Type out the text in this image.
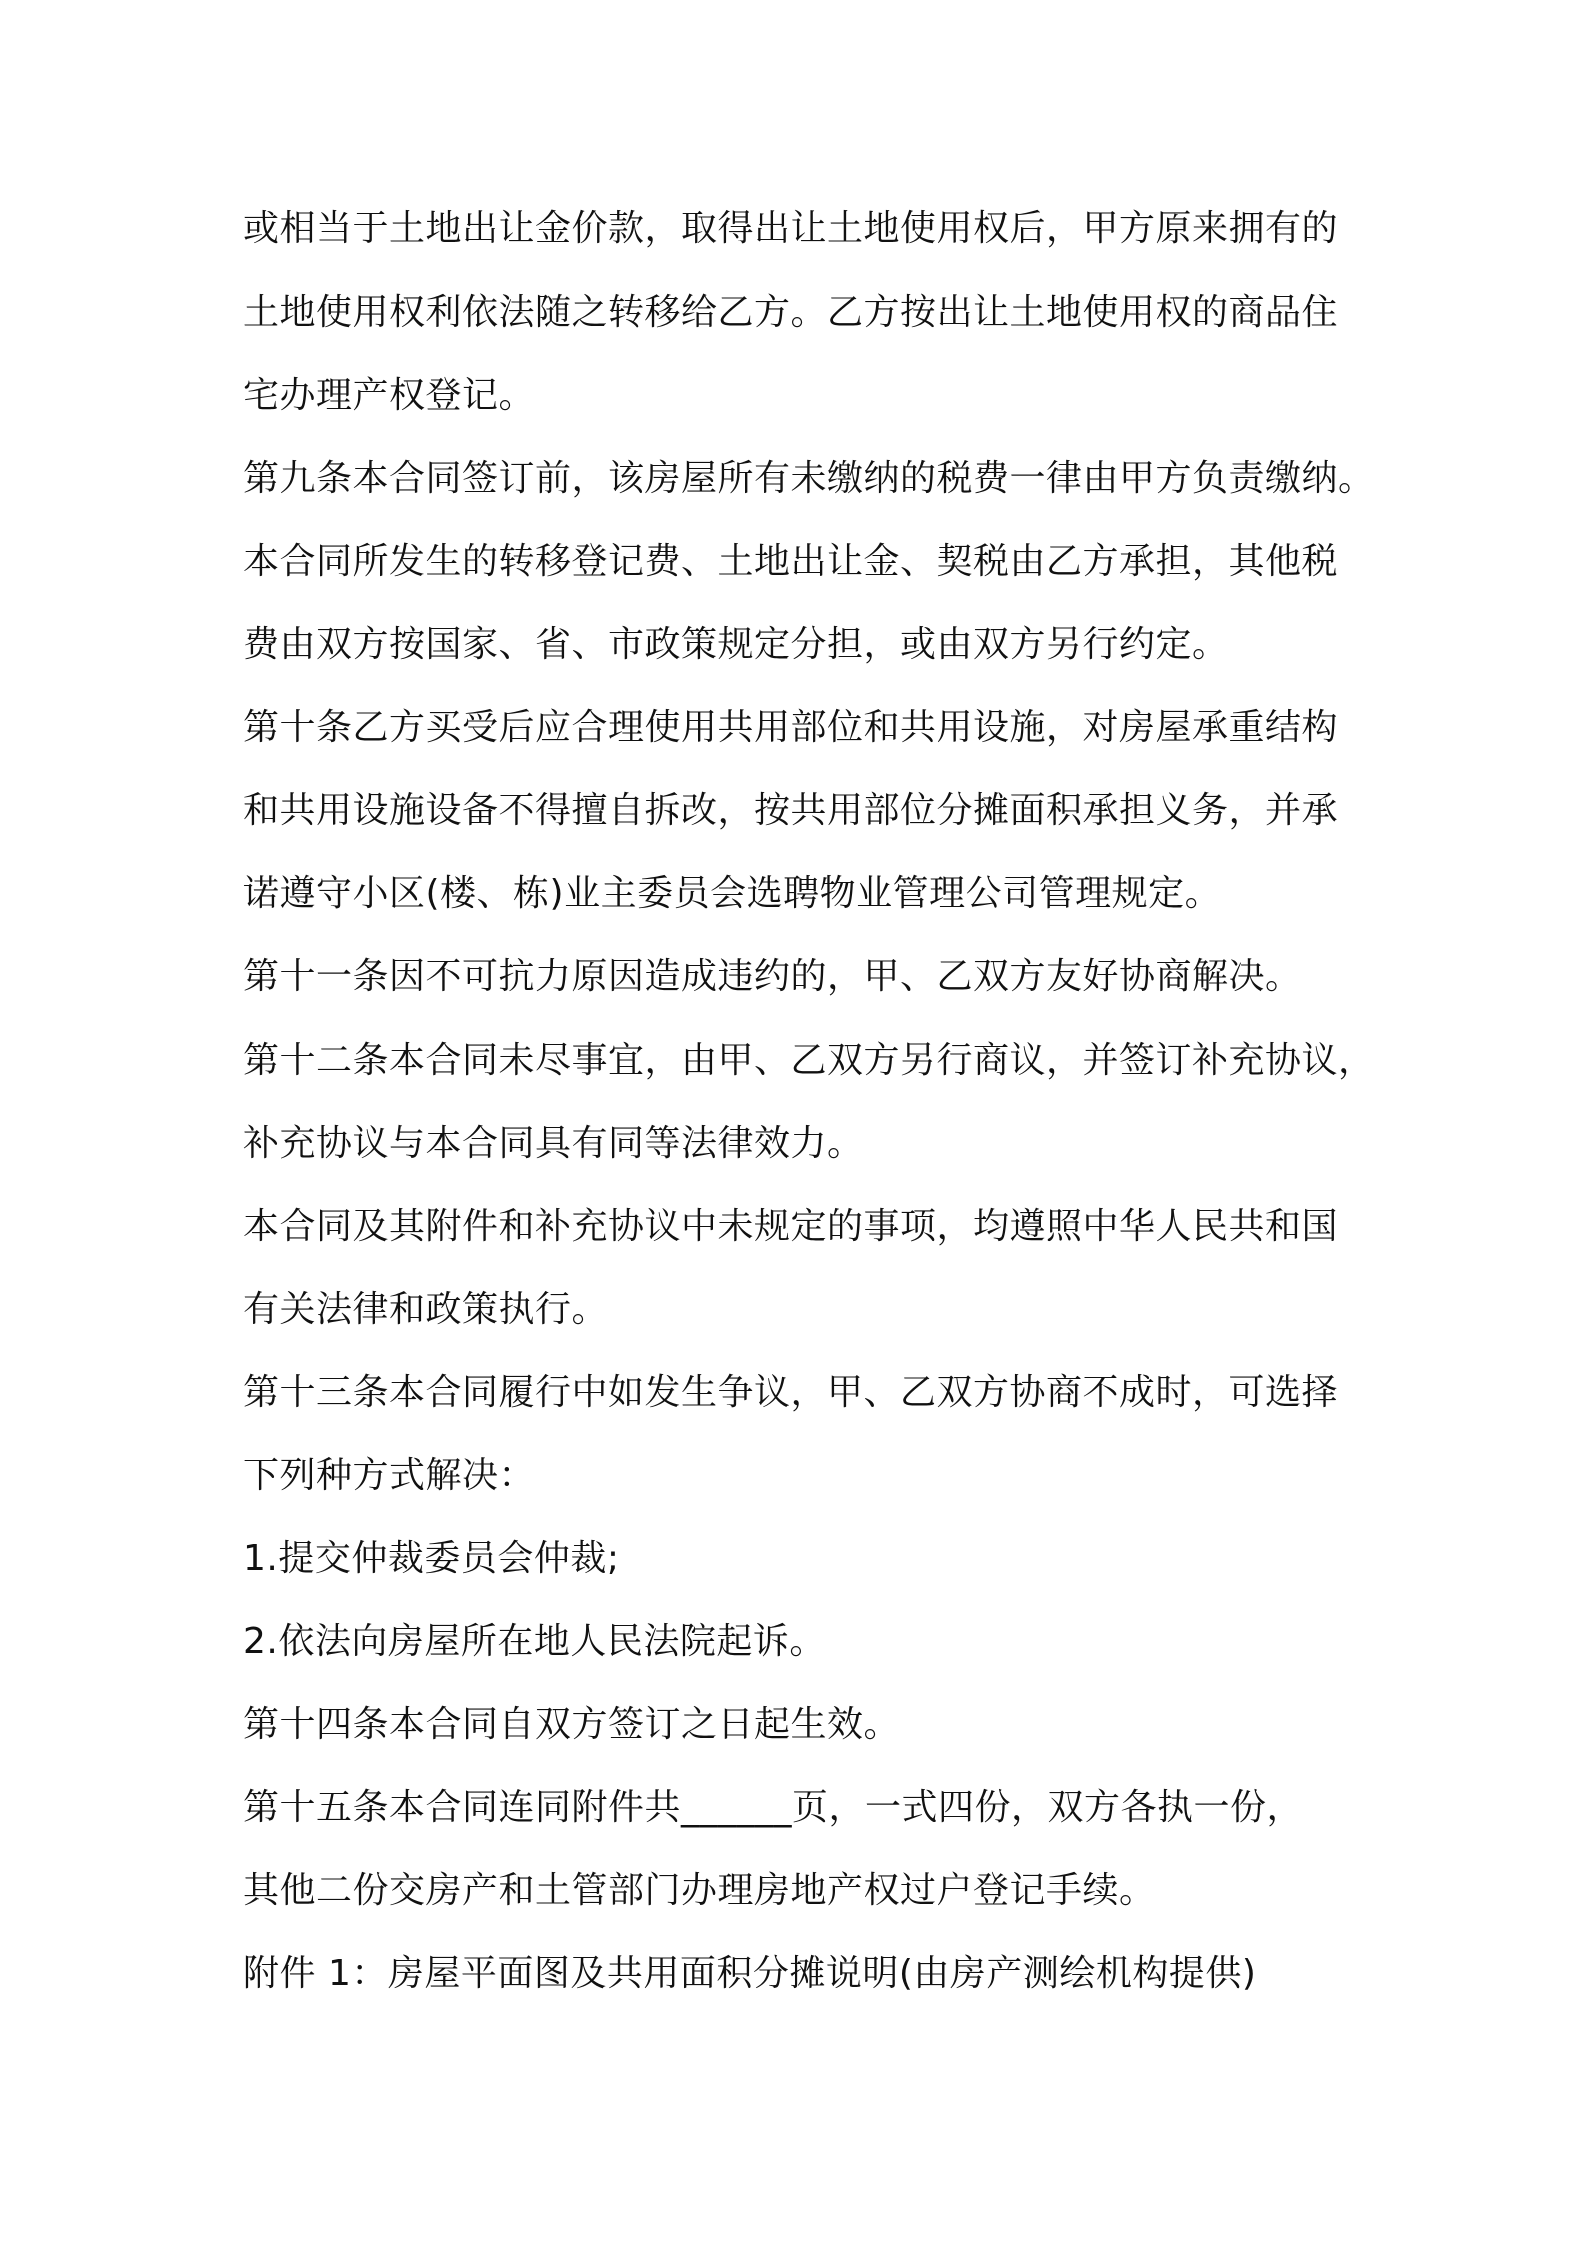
或相当于土地出让金价款，取得出让土地使用权后，甲方原来拥有的
土地使用权利依法随之转移给乙方。乙方按出让土地使用权的商品住
宅办理产权登记。
第九条本合同签订前，该房屋所有未缴纳的税费一律由甲方负责缴纳。
本合同所发生的转移登记费、土地出让金、契税由乙方承担，其他税
费由双方按国家、省、市政策规定分担，或由双方另行约定。
第十条乙方买受后应合理使用共用部位和共用设施，对房屋承重结构
和共用设施设备不得擅自拆改，按共用部位分摊面积承担义务，并承
诺遵守小区(楼、栋)业主委员会选聘物业管理公司管理规定。
第十一条因不可抗力原因造成违约的，甲、乙双方友好协商解决。
第十二条本合同未尽事宜，由甲、乙双方另行商议，并签订补充协议，
补充协议与本合同具有同等法律效力。
本合同及其附件和补充协议中未规定的事项，均遵照中华人民共和国
有关法律和政策执行。
第十三条本合同履行中如发生争议，甲、乙双方协商不成时，可选择
下列种方式解决：
1.提交仲裁委员会仲裁;
2.依法向房屋所在地人民法院起诉。
第十四条本合同自双方签订之日起生效。
第十五条本合同连同附件共______页，一式四份，双方各执一份，
其他二份交房产和土管部门办理房地产权过户登记手续。
附件 1：房屋平面图及共用面积分摊说明(由房产测绘机构提供)
